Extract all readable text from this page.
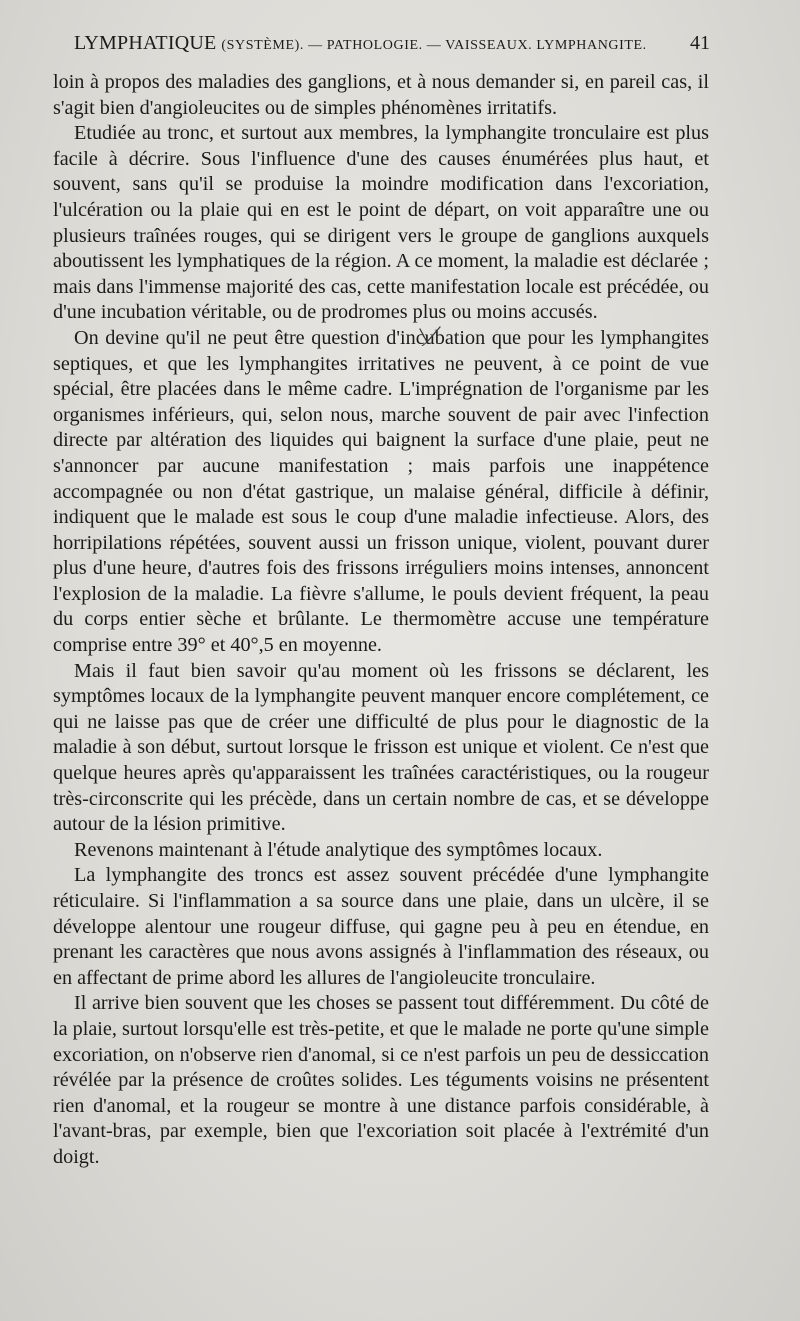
LYMPHATIQUE (SYSTÈME). — PATHOLOGIE. — VAISSEAUX. LYMPHANGITE. 41

loin à propos des maladies des ganglions, et à nous demander si, en pareil cas, il s'agit bien d'angioleucites ou de simples phénomènes irritatifs.

Etudiée au tronc, et surtout aux membres, la lymphangite tronculaire est plus facile à décrire. Sous l'influence d'une des causes énumérées plus haut, et souvent, sans qu'il se produise la moindre modification dans l'excoriation, l'ulcération ou la plaie qui en est le point de départ, on voit apparaître une ou plusieurs traînées rouges, qui se dirigent vers le groupe de ganglions auxquels aboutissent les lymphatiques de la région. A ce moment, la maladie est déclarée ; mais dans l'immense majorité des cas, cette manifestation locale est précédée, ou d'une incubation véritable, ou de prodromes plus ou moins accusés.

On devine qu'il ne peut être question d'incubation que pour les lymphangites septiques, et que les lymphangites irritatives ne peuvent, à ce point de vue spécial, être placées dans le même cadre. L'imprégnation de l'organisme par les organismes inférieurs, qui, selon nous, marche souvent de pair avec l'infection directe par altération des liquides qui baignent la surface d'une plaie, peut ne s'annoncer par aucune manifestation ; mais parfois une inappétence accompagnée ou non d'état gastrique, un malaise général, difficile à définir, indiquent que le malade est sous le coup d'une maladie infectieuse. Alors, des horripilations répétées, souvent aussi un frisson unique, violent, pouvant durer plus d'une heure, d'autres fois des frissons irréguliers moins intenses, annoncent l'explosion de la maladie. La fièvre s'allume, le pouls devient fréquent, la peau du corps entier sèche et brûlante. Le thermomètre accuse une température comprise entre 39° et 40°,5 en moyenne.

Mais il faut bien savoir qu'au moment où les frissons se déclarent, les symptômes locaux de la lymphangite peuvent manquer encore complétement, ce qui ne laisse pas que de créer une difficulté de plus pour le diagnostic de la maladie à son début, surtout lorsque le frisson est unique et violent. Ce n'est que quelque heures après qu'apparaissent les traînées caractéristiques, ou la rougeur très-circonscrite qui les précède, dans un certain nombre de cas, et se développe autour de la lésion primitive.

Revenons maintenant à l'étude analytique des symptômes locaux.

La lymphangite des troncs est assez souvent précédée d'une lymphangite réticulaire. Si l'inflammation a sa source dans une plaie, dans un ulcère, il se développe alentour une rougeur diffuse, qui gagne peu à peu en étendue, en prenant les caractères que nous avons assignés à l'inflammation des réseaux, ou en affectant de prime abord les allures de l'angioleucite tronculaire.

Il arrive bien souvent que les choses se passent tout différemment. Du côté de la plaie, surtout lorsqu'elle est très-petite, et que le malade ne porte qu'une simple excoriation, on n'observe rien d'anomal, si ce n'est parfois un peu de dessiccation révélée par la présence de croûtes solides. Les téguments voisins ne présentent rien d'anomal, et la rougeur se montre à une distance parfois considérable, à l'avant-bras, par exemple, bien que l'excoriation soit placée à l'extrémité d'un doigt.
